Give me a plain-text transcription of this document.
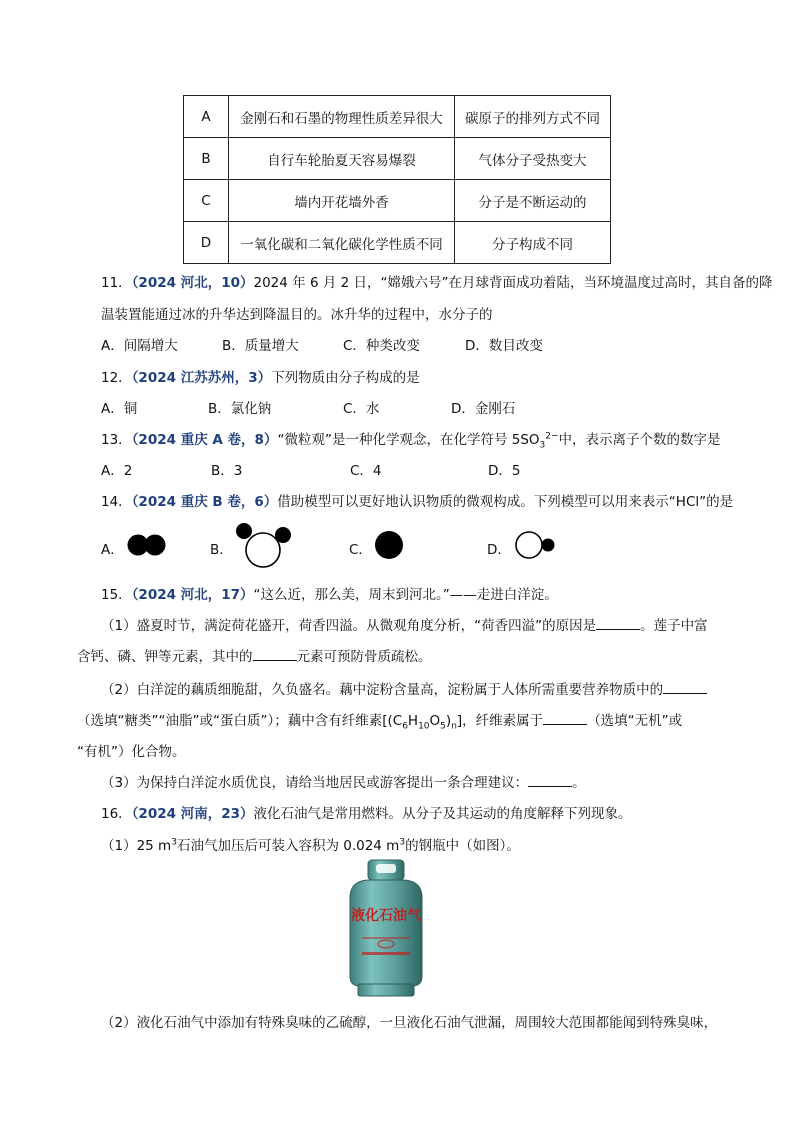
A	金刚石和石墨的物理性质差异很大	碳原子的排列方式不同
B	自行车轮胎夏天容易爆裂	气体分子受热变大
C	墙内开花墙外香	分子是不断运动的
D	一氧化碳和二氧化碳化学性质不同	分子构成不同
11．（2024 河北，10）2024 年 6 月 2 日，“嫦娥六号”在月球背面成功着陆，当环境温度过高时，其自备的降
温装置能通过冰的升华达到降温目的。冰升华的过程中，水分子的
A．间隔增大	B．质量增大	C．种类改变	D．数目改变
12．（2024 江苏苏州，3）下列物质由分子构成的是
A．铜	B．氯化钠	C．水	D．金刚石
13．（2024 重庆 A 卷，8）“微粒观”是一种化学观念，在化学符号 $5SO_3^{2-}$中，表示离子个数的数字是
A．2	B．3	C．4	D．5
14．（2024 重庆 B 卷，6）借助模型可以更好地认识物质的微观构成。下列模型可以用来表示“HCl”的是
A．	B．	C．	D．
15．（2024 河北，17）“这么近，那么美，周末到河北。”——走进白洋淀。
（1）盛夏时节，满淀荷花盛开，荷香四溢。从微观角度分析，“荷香四溢”的原因是	。莲子中富
含钙、磷、钾等元素，其中的	元素可预防骨质疏松。
（2）白洋淀的藕质细脆甜，久负盛名。藕中淀粉含量高，淀粉属于人体所需重要营养物质中的
（选填“糖类”“油脂”或“蛋白质”）；藕中含有纤维素$[(C_6H_{10}O_5)_n]$，纤维素属于	（选填“无机”或
“有机”）化合物。
（3）为保持白洋淀水质优良，请给当地居民或游客提出一条合理建议：	。
16．（2024 河南，23）液化石油气是常用燃料。从分子及其运动的角度解释下列现象。
（1）25 $m^3$石油气加压后可装入容积为 0.024 $m^3$的钢瓶中（如图）。
液化石油气
（2）液化石油气中添加有特殊臭味的乙硫醇，一旦液化石油气泄漏，周围较大范围都能闻到特殊臭味，
